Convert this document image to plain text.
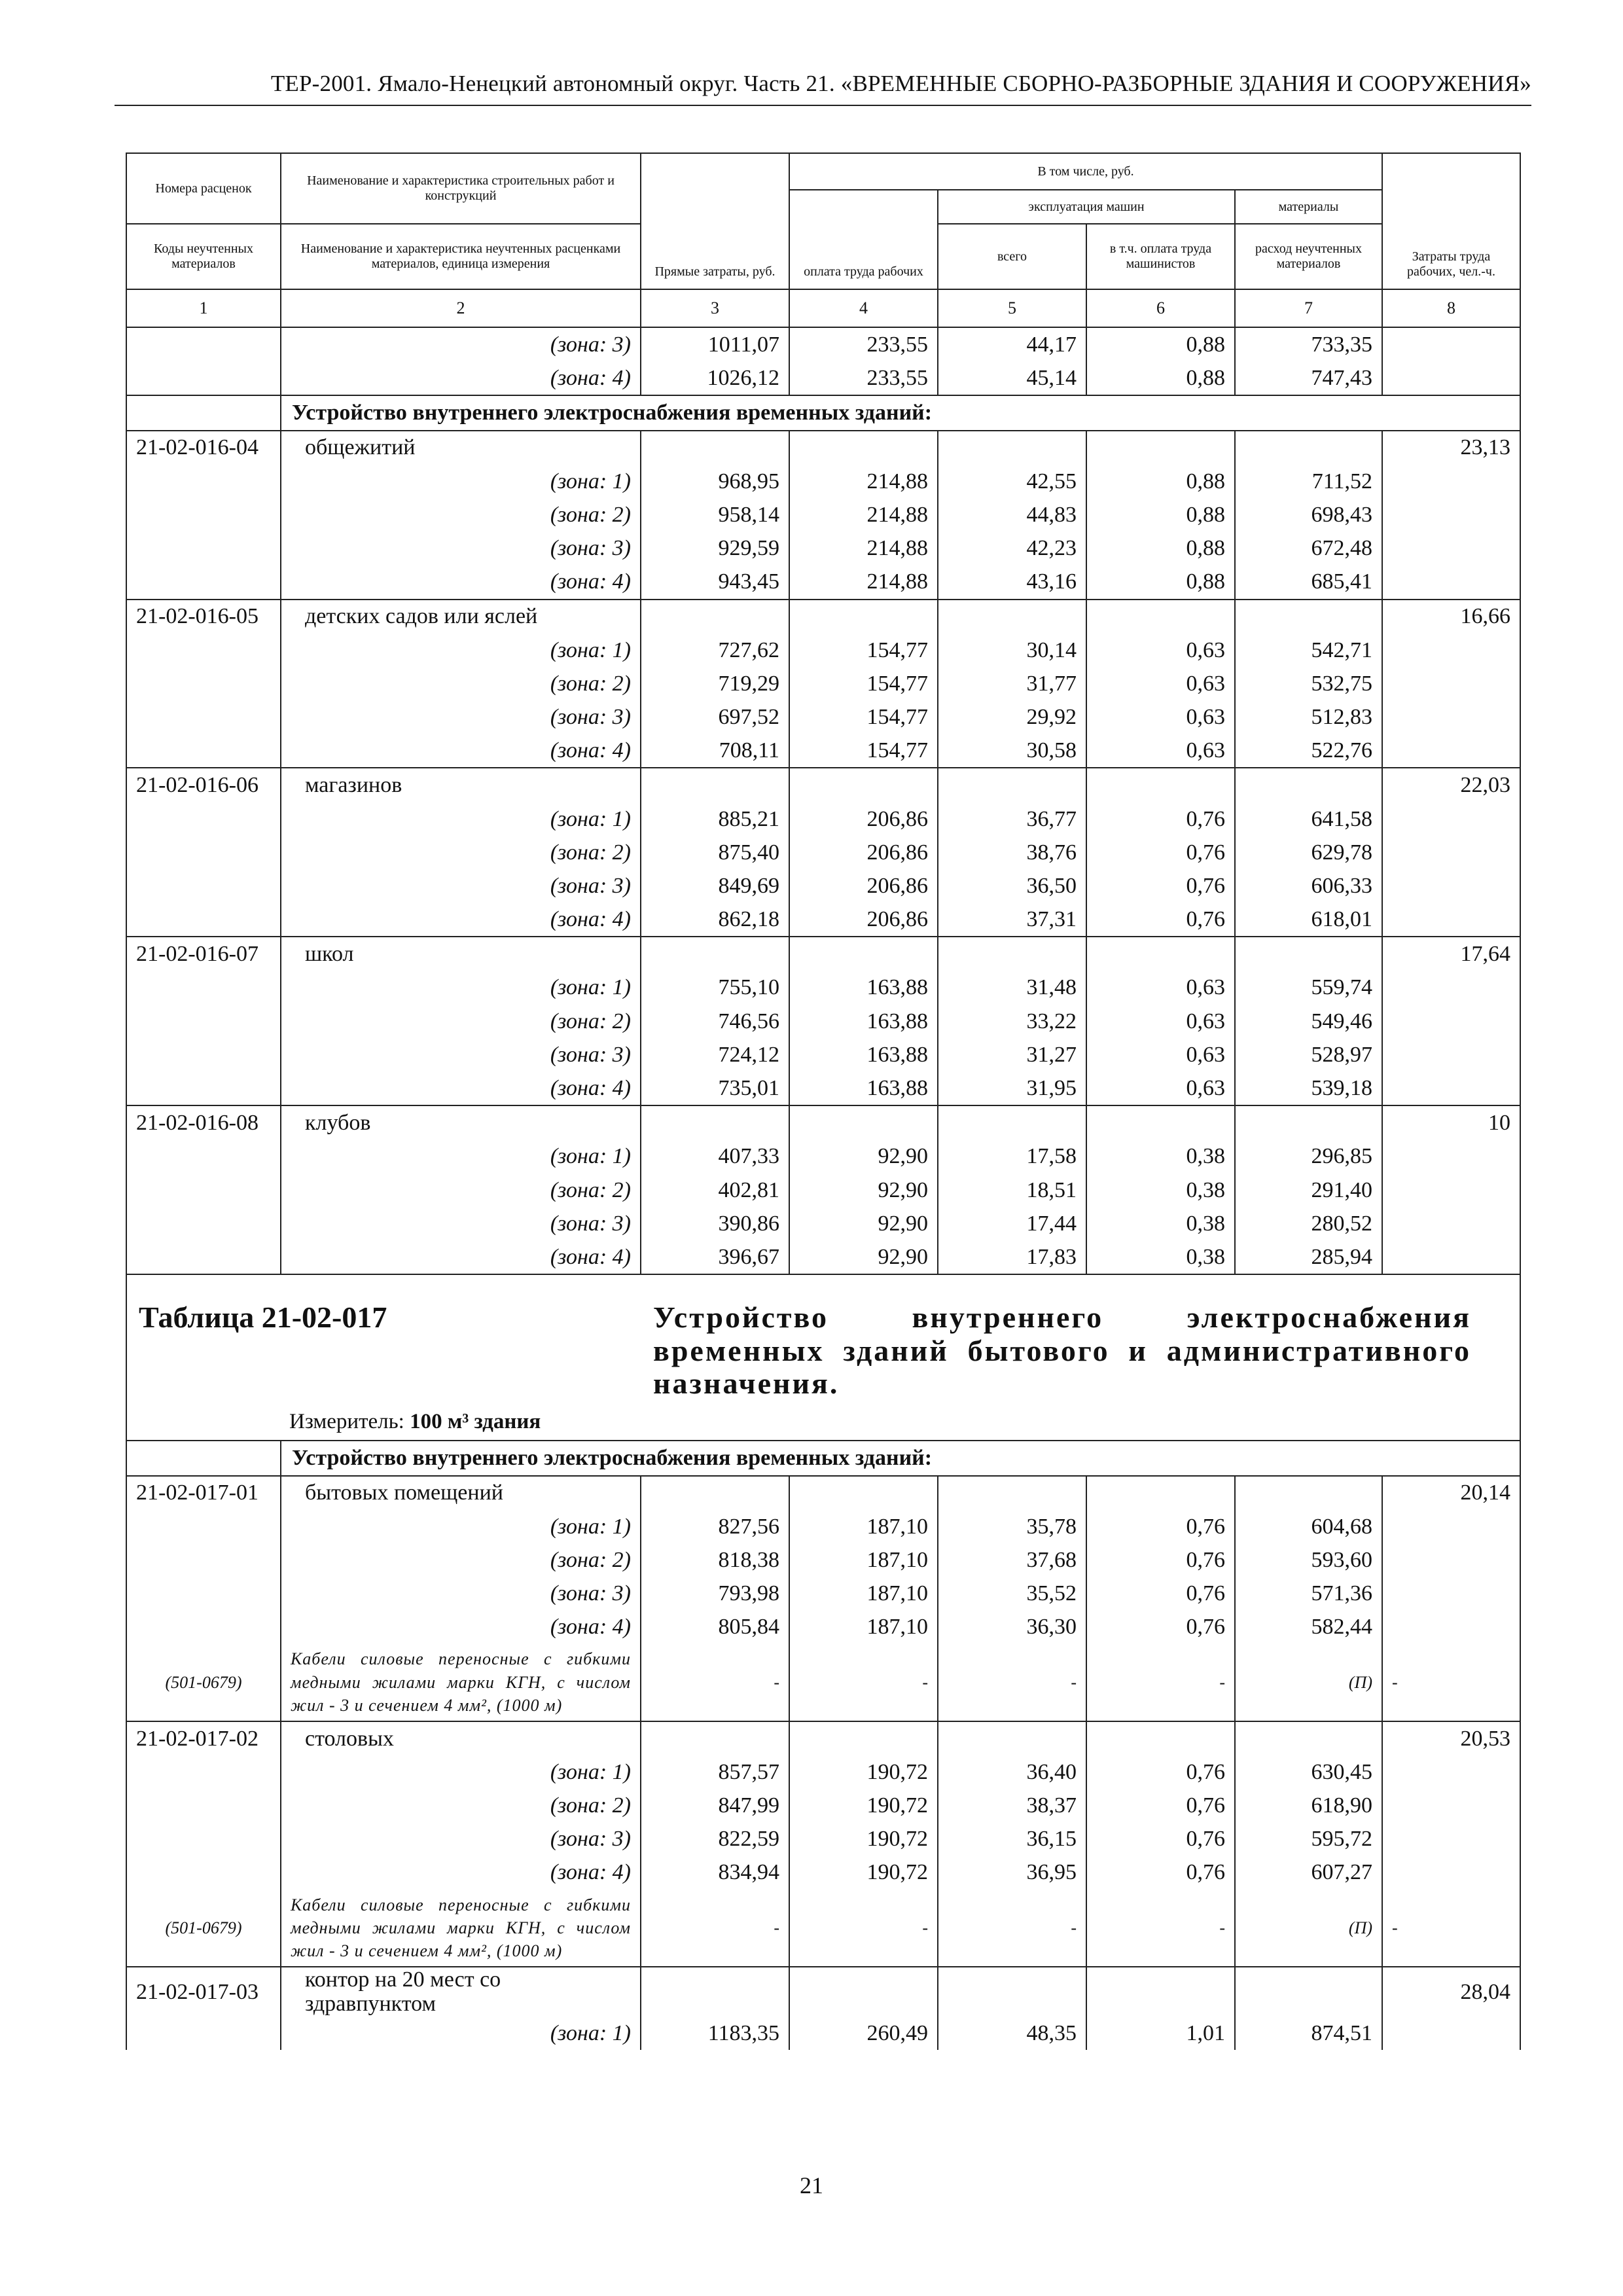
ТЕР-2001. Ямало-Ненецкий автономный округ. Часть 21. «ВРЕМЕННЫЕ СБОРНО-РАЗБОРНЫЕ ЗДАНИЯ И СООРУЖЕНИЯ»
Номера расценок	Наименование и характеристика строительных работ и конструкций	Прямые затраты, руб.	В том числе, руб.				Затраты труда рабочих, чел.-ч.
			оплата труда рабочих	эксплуатация машин		материалы	
Коды неучтенных материалов	Наименование и характеристика неучтенных расценками материалов, единица измерения			всего	в т.ч. оплата труда машинистов	расход неучтенных материалов	

1	2	3	4	5	6	7	8
	(зона: 3)	1011,07	233,55	44,17	0,88	733,35	
	(зона: 4)	1026,12	233,55	45,14	0,88	747,43	
	Устройство внутреннего электроснабжения временных зданий:						
21-02-016-04	общежитий						23,13
	(зона: 1)	968,95	214,88	42,55	0,88	711,52	
	(зона: 2)	958,14	214,88	44,83	0,88	698,43	
	(зона: 3)	929,59	214,88	42,23	0,88	672,48	
	(зона: 4)	943,45	214,88	43,16	0,88	685,41	
21-02-016-05	детских садов или яслей						16,66
	(зона: 1)	727,62	154,77	30,14	0,63	542,71	
	(зона: 2)	719,29	154,77	31,77	0,63	532,75	
	(зона: 3)	697,52	154,77	29,92	0,63	512,83	
	(зона: 4)	708,11	154,77	30,58	0,63	522,76	
21-02-016-06	магазинов						22,03
	(зона: 1)	885,21	206,86	36,77	0,76	641,58	
	(зона: 2)	875,40	206,86	38,76	0,76	629,78	
	(зона: 3)	849,69	206,86	36,50	0,76	606,33	
	(зона: 4)	862,18	206,86	37,31	0,76	618,01	
21-02-016-07	школ						17,64
	(зона: 1)	755,10	163,88	31,48	0,63	559,74	
	(зона: 2)	746,56	163,88	33,22	0,63	549,46	
	(зона: 3)	724,12	163,88	31,27	0,63	528,97	
	(зона: 4)	735,01	163,88	31,95	0,63	539,18	
21-02-016-08	клубов						10
	(зона: 1)	407,33	92,90	17,58	0,38	296,85	
	(зона: 2)	402,81	92,90	18,51	0,38	291,40	
	(зона: 3)	390,86	92,90	17,44	0,38	280,52	
	(зона: 4)	396,67	92,90	17,83	0,38	285,94	

Таблица 21-02-017 Устройство внутреннего электроснабжения временных зданий бытового и административного назначения.
Измеритель: 100 м³ здания							

	Устройство внутреннего электроснабжения временных зданий:						
21-02-017-01	бытовых помещений						20,14
	(зона: 1)	827,56	187,10	35,78	0,76	604,68	
	(зона: 2)	818,38	187,10	37,68	0,76	593,60	
	(зона: 3)	793,98	187,10	35,52	0,76	571,36	
	(зона: 4)	805,84	187,10	36,30	0,76	582,44	
(501-0679)	Кабели силовые переносные с гибкими медными жилами марки КГН, с числом жил - 3 и сечением 4 мм², (1000 м)	-	-	-	-	(П)	-
21-02-017-02	столовых						20,53
	(зона: 1)	857,57	190,72	36,40	0,76	630,45	
	(зона: 2)	847,99	190,72	38,37	0,76	618,90	
	(зона: 3)	822,59	190,72	36,15	0,76	595,72	
	(зона: 4)	834,94	190,72	36,95	0,76	607,27	
(501-0679)	Кабели силовые переносные с гибкими медными жилами марки КГН, с числом жил - 3 и сечением 4 мм², (1000 м)	-	-	-	-	(П)	-
21-02-017-03	контор на 20 мест со здравпунктом						28,04
	(зона: 1)	1183,35	260,49	48,35	1,01	874,51	
21
